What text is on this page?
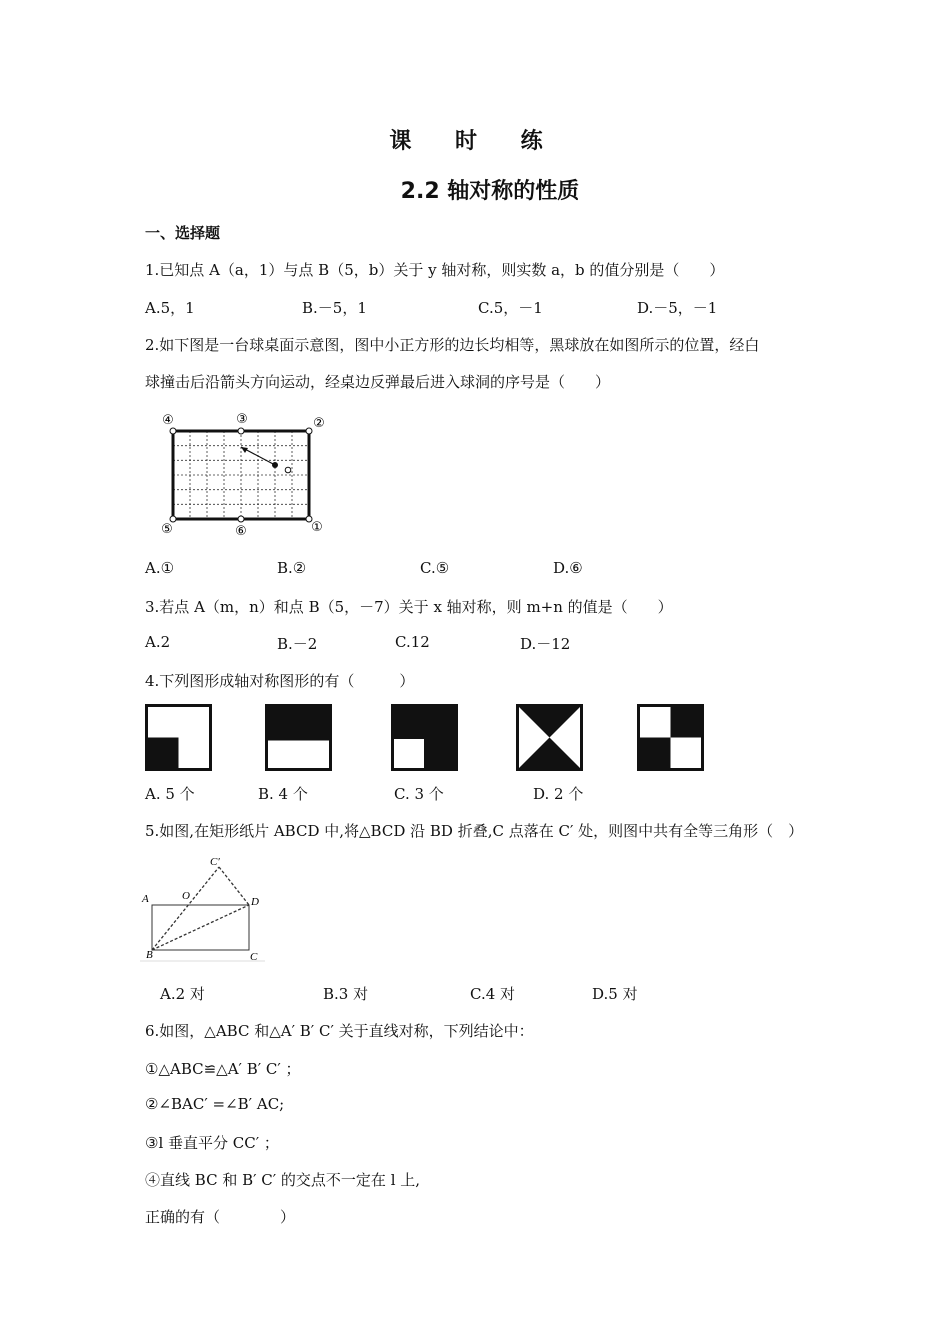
课 时 练
2.2 轴对称的性质
一、选择题
1.已知点 A（a，1）与点 B（5，b）关于 y 轴对称，则实数 a，b 的值分别是（　　）
A.5，1	B.－5，1	C.5，－1	D.－5，－1
2.如下图是一台球桌面示意图，图中小正方形的边长均相等，黑球放在如图所示的位置，经白
球撞击后沿箭头方向运动，经桌边反弹最后进入球洞的序号是（　　）
④	③	②
⑤	⑥	①
A.①	B.②	C.⑤	D.⑥
3.若点 A（m，n）和点 B（5，－7）关于 x 轴对称，则 m+n 的值是（　　）
A.2	B.－2	C.12	D.－12
4.下列图形成轴对称图形的有（　　　）
A. 5 个	B. 4 个	C. 3 个	D. 2 个
5.如图,在矩形纸片 ABCD 中,将△BCD 沿 BD 折叠,C 点落在 C′ 处，则图中共有全等三角形（　）
C′
A	O	D
B	C
A.2 对	B.3 对	C.4 对	D.5 对
6.如图，△ABC 和△A′ B′ C′ 关于直线对称，下列结论中：
①△ABC≌△A′ B′ C′ ；
②∠BAC′ =∠B′ AC;
③l 垂直平分 CC′ ；
④直线 BC 和 B′ C′ 的交点不一定在 l 上,
正确的有（　　　　）
